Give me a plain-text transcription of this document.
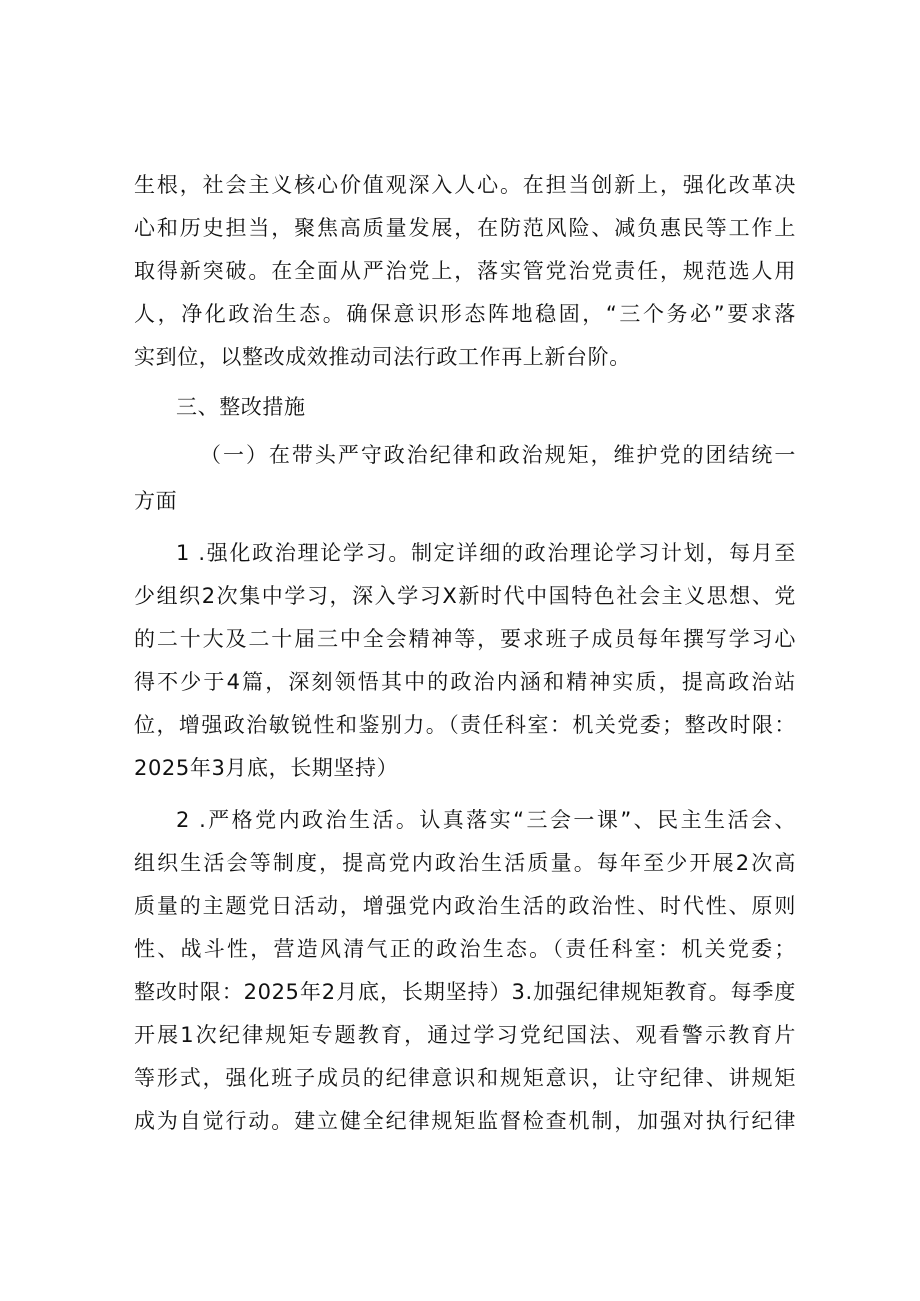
生根，社会主义核心价值观深入人心。在担当创新上，强化改革决
心和历史担当，聚焦高质量发展，在防范风险、减负惠民等工作上
取得新突破。在全面从严治党上，落实管党治党责任，规范选人用
人，净化政治生态。确保意识形态阵地稳固，“三个务必”要求落
实到位，以整改成效推动司法行政工作再上新台阶。
三、整改措施
（一）在带头严守政治纪律和政治规矩，维护党的团结统一
方面
1 .强化政治理论学习。制定详细的政治理论学习计划，每月至
少组织2次集中学习，深入学习X新时代中国特色社会主义思想、党
的二十大及二十届三中全会精神等，要求班子成员每年撰写学习心
得不少于4篇，深刻领悟其中的政治内涵和精神实质，提高政治站
位，增强政治敏锐性和鉴别力。（责任科室：机关党委；整改时限：
2025年3月底，长期坚持）
2 .严格党内政治生活。认真落实“三会一课”、民主生活会、
组织生活会等制度，提高党内政治生活质量。每年至少开展2次高
质量的主题党日活动，增强党内政治生活的政治性、时代性、原则
性、战斗性，营造风清气正的政治生态。（责任科室：机关党委；
整改时限：2025年2月底，长期坚持）3.加强纪律规矩教育。每季度
开展1次纪律规矩专题教育，通过学习党纪国法、观看警示教育片
等形式，强化班子成员的纪律意识和规矩意识，让守纪律、讲规矩
成为自觉行动。建立健全纪律规矩监督检查机制，加强对执行纪律
